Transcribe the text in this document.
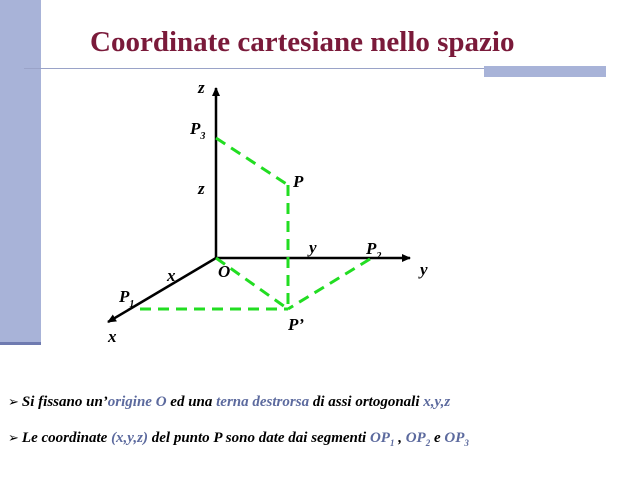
Coordinate cartesiane nello spazio
z
y
x
O
$P_3$
P
z
y	$P_2$
x
$P_1$
P’
➢ Si fissano un’origine O ed una terna destrorsa di assi ortogonali x,y,z
➢ Le coordinate (x,y,z) del punto P sono date dai segmenti $OP_1$ , $OP_2$ e $OP_3$
